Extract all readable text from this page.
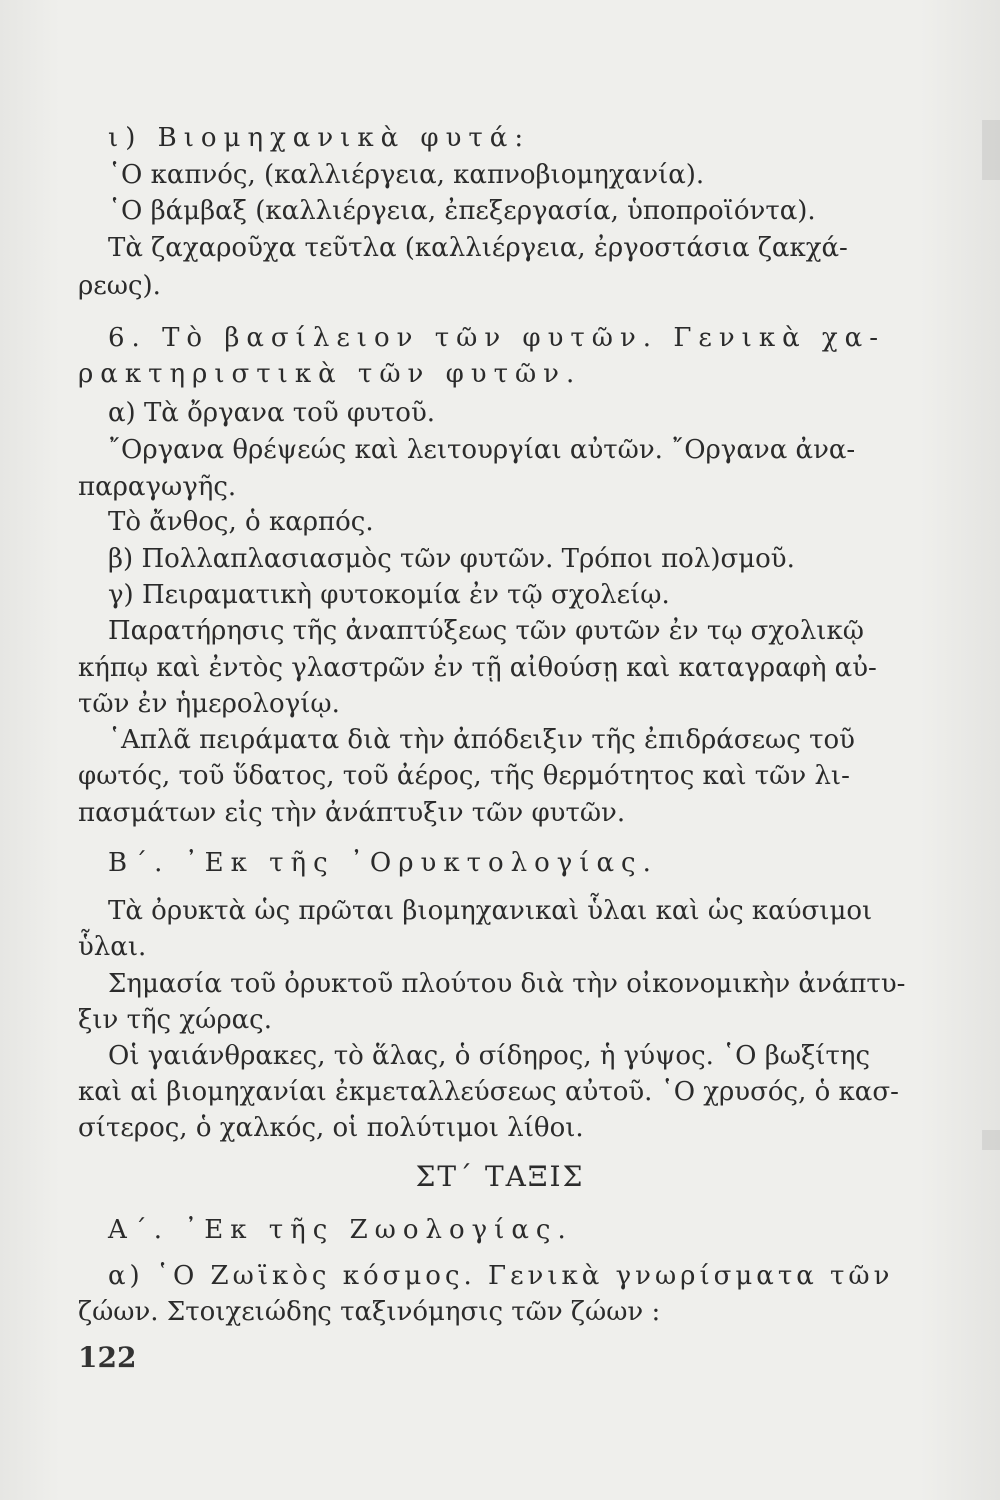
ι) Βιομηχανικὰ φυτά:
῾Ο καπνός, (καλλιέργεια, καπνοβιομηχανία).
῾Ο βάμβαξ (καλλιέργεια, ἐπεξεργασία, ὑποπροϊόντα).
Τὰ ζαχαροῦχα τεῦτλα (καλλιέργεια, ἐργοστάσια ζακχά-
ρεως).
6. Τὸ βασίλειον τῶν φυτῶν. Γενικὰ χα-
ρακτηριστικὰ τῶν φυτῶν.
α) Τὰ ὄργανα τοῦ φυτοῦ.
῎Οργανα θρέψεώς καὶ λειτουργίαι αὐτῶν. ῎Οργανα ἀνα-
παραγωγῆς.
Τὸ ἄνθος, ὁ καρπός.
β) Πολλαπλασιασμὸς τῶν φυτῶν. Τρόποι πολ)σμοῦ.
γ) Πειραματικὴ φυτοκομία ἐν τῷ σχολείῳ.
Παρατήρησις τῆς ἀναπτύξεως τῶν φυτῶν ἐν τῳ σχολικῷ
κήπῳ καὶ ἐντὸς γλαστρῶν ἐν τῇ αἰθούσῃ καὶ καταγραφὴ αὐ-
τῶν ἐν ἡμερολογίῳ.
῾Απλᾶ πειράματα διὰ τὴν ἀπόδειξιν τῆς ἐπιδράσεως τοῦ
φωτός, τοῦ ὕδατος, τοῦ ἀέρος, τῆς θερμότητος καὶ τῶν λι-
πασμάτων εἰς τὴν ἀνάπτυξιν τῶν φυτῶν.
Β΄. ᾿Εκ τῆς ᾿Ορυκτολογίας.
Τὰ ὀρυκτὰ ὡς πρῶται βιομηχανικαὶ ὗλαι καὶ ὡς καύσιμοι
ὗλαι.
Σημασία τοῦ ὀρυκτοῦ πλούτου διὰ τὴν οἰκονομικὴν ἀνάπτυ-
ξιν τῆς χώρας.
Οἱ γαιάνθρακες, τὸ ἅλας, ὁ σίδηρος, ἡ γύψος. ῾Ο βωξίτης
καὶ αἱ βιομηχανίαι ἐκμεταλλεύσεως αὐτοῦ. ῾Ο χρυσός, ὁ κασ-
σίτερος, ὁ χαλκός, οἱ πολύτιμοι λίθοι.
ΣΤ΄ ΤΑΞΙΣ
Α΄. ᾿Εκ τῆς Ζωολογίας.
α) ῾Ο Ζωϊκὸς κόσμος. Γενικὰ γνωρίσματα τῶν
ζώων. Στοιχειώδης ταξινόμησις τῶν ζώων :
122
